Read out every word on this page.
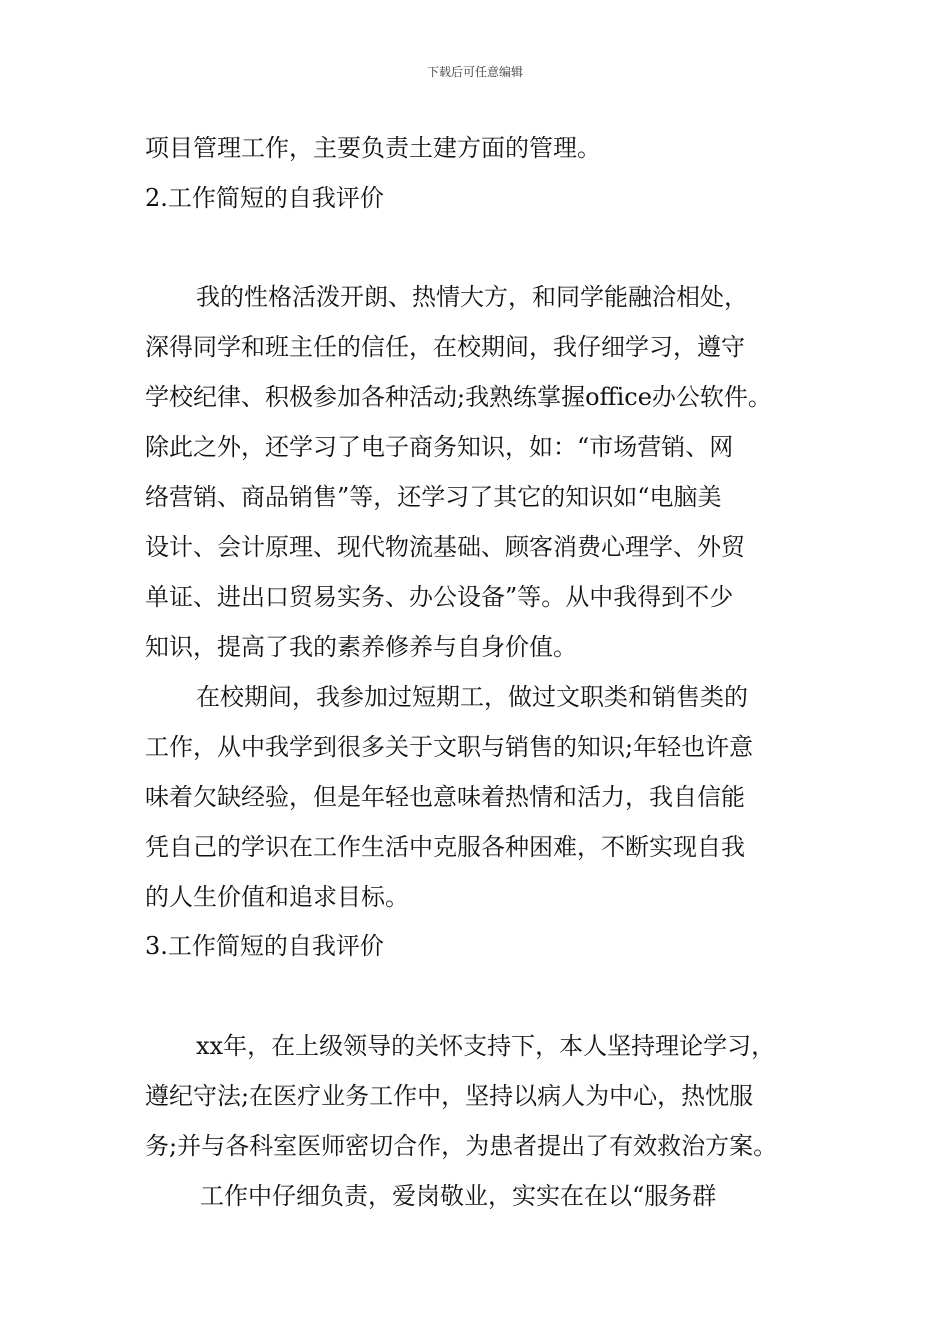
下载后可任意编辑
项目管理工作，主要负责土建方面的管理。
2.工作简短的自我评价
我的性格活泼开朗、热情大方，和同学能融洽相处，
深得同学和班主任的信任，在校期间，我仔细学习，遵守
学校纪律、积极参加各种活动;我熟练掌握office办公软件。
除此之外，还学习了电子商务知识，如：“市场营销、网
络营销、商品销售”等，还学习了其它的知识如“电脑美
设计、会计原理、现代物流基础、顾客消费心理学、外贸
单证、进出口贸易实务、办公设备”等。从中我得到不少
知识，提高了我的素养修养与自身价值。
在校期间，我参加过短期工，做过文职类和销售类的
工作，从中我学到很多关于文职与销售的知识;年轻也许意
味着欠缺经验，但是年轻也意味着热情和活力，我自信能
凭自己的学识在工作生活中克服各种困难，不断实现自我
的人生价值和追求目标。
3.工作简短的自我评价
xx年，在上级领导的关怀支持下，本人坚持理论学习，
遵纪守法;在医疗业务工作中，坚持以病人为中心，热忱服
务;并与各科室医师密切合作，为患者提出了有效救治方案。
工作中仔细负责，爱岗敬业，实实在在以“服务群
